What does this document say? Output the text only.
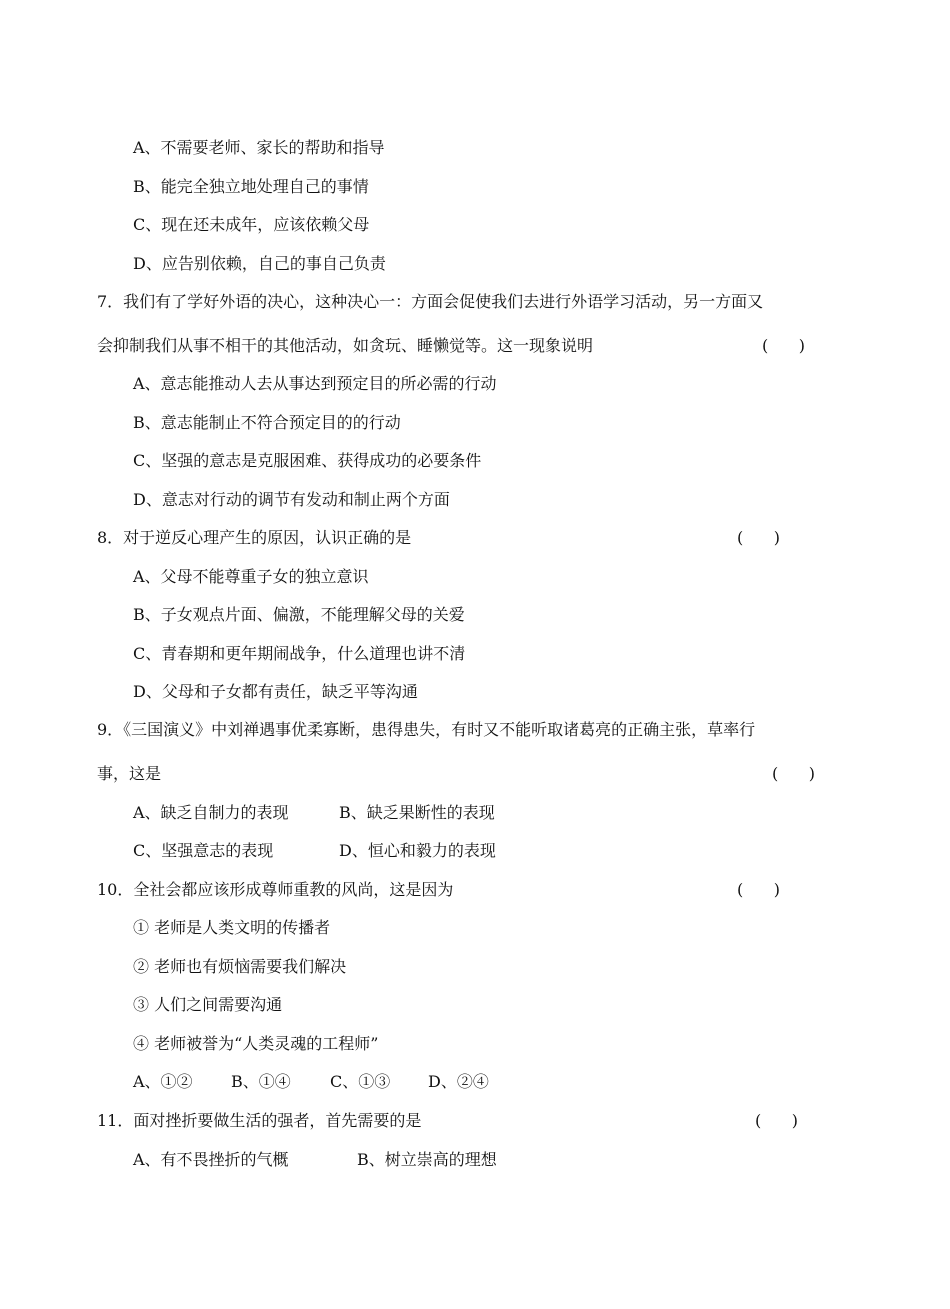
A、不需要老师、家长的帮助和指导
B、能完全独立地处理自己的事情
C、现在还未成年，应该依赖父母
D、应告别依赖，自己的事自己负责
7．我们有了学好外语的决心，这种决心一：方面会促使我们去进行外语学习活动，另一方面又
会抑制我们从事不相干的其他活动，如贪玩、睡懒觉等。这一现象说明	(      )
A、意志能推动人去从事达到预定目的所必需的行动
B、意志能制止不符合预定目的的行动
C、坚强的意志是克服困难、获得成功的必要条件
D、意志对行动的调节有发动和制止两个方面
8．对于逆反心理产生的原因，认识正确的是	(      )
A、父母不能尊重子女的独立意识
B、子女观点片面、偏激，不能理解父母的关爱
C、青春期和更年期闹战争，什么道理也讲不清
D、父母和子女都有责任，缺乏平等沟通
9．《三国演义》中刘禅遇事优柔寡断，患得患失，有时又不能听取诸葛亮的正确主张，草率行
事，这是	(      )
A、缺乏自制力的表现	B、缺乏果断性的表现
C、坚强意志的表现	D、恒心和毅力的表现
10．全社会都应该形成尊师重教的风尚，这是因为	(      )
① 老师是人类文明的传播者
② 老师也有烦恼需要我们解决
③ 人们之间需要沟通
④ 老师被誉为“人类灵魂的工程师”
A、①② B、①④ C、①③ D、②④
11．面对挫折要做生活的强者，首先需要的是	(      )
A、有不畏挫折的气概	B、树立崇高的理想
